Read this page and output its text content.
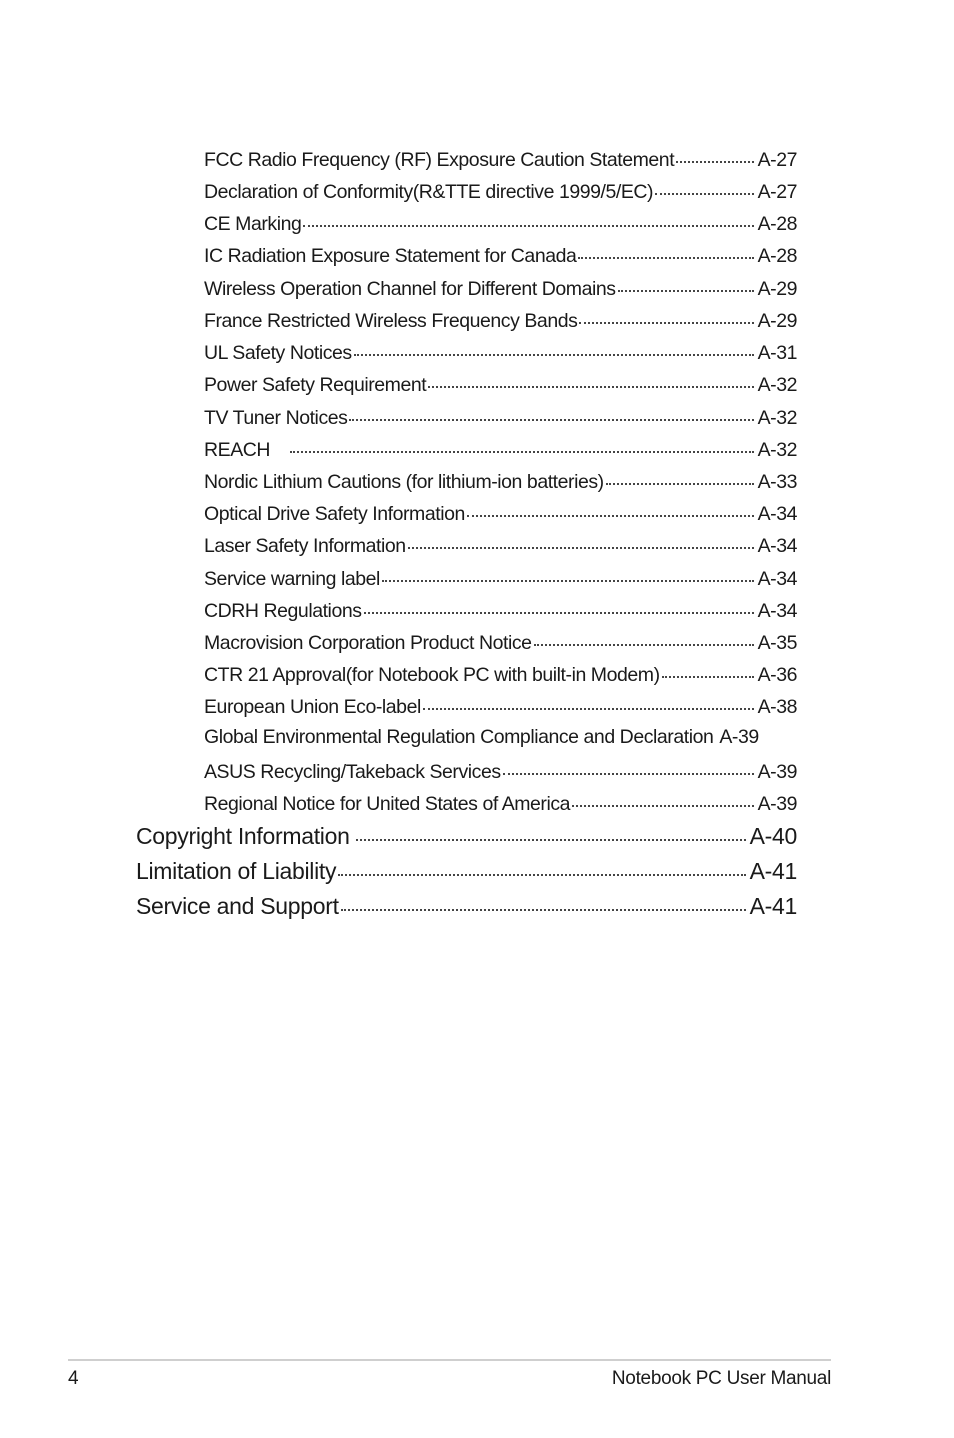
FCC Radio Frequency (RF) Exposure Caution Statement	A-27
Declaration of Conformity(R&TTE directive 1999/5/EC)	A-27
CE Marking	A-28
IC Radiation Exposure Statement for Canada	A-28
Wireless Operation Channel for Different Domains	A-29
France Restricted Wireless Frequency Bands	A-29
UL Safety Notices	A-31
Power Safety Requirement	A-32
TV Tuner Notices	A-32
REACH	A-32
Nordic Lithium Cautions (for lithium-ion batteries)	A-33
Optical Drive Safety Information	A-34
Laser Safety Information	A-34
Service warning label	A-34
CDRH Regulations	A-34
Macrovision Corporation Product Notice	A-35
CTR 21 Approval(for Notebook PC with built-in Modem)	A-36
European Union Eco-label	A-38
Global Environmental Regulation Compliance and Declaration A-39
ASUS Recycling/Takeback Services	A-39
Regional Notice for United States of America	A-39
Copyright Information	A-40
Limitation of Liability	A-41
Service and Support	A-41
4	Notebook PC User Manual
